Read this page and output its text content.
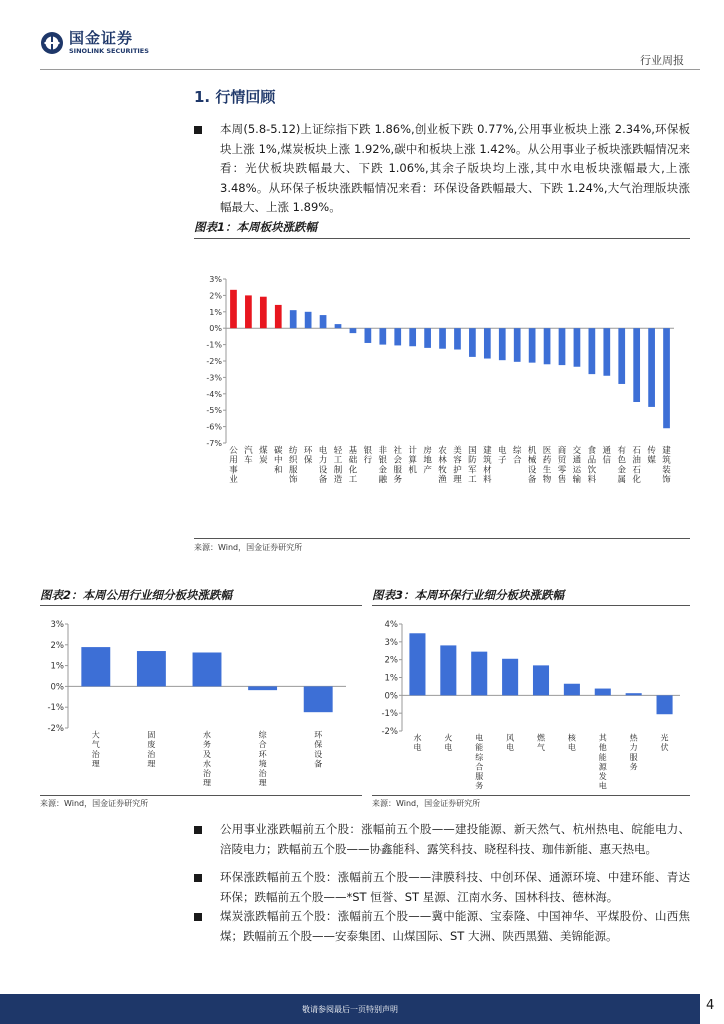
国金证券
SINOLINK SECURITIES
行业周报
1. 行情回顾

本周(5.8-5.12)上证综指下跌 1.86%,创业板下跌 0.77%,公用事业板块上涨 2.34%,环保板块上涨 1%,煤炭板块上涨 1.92%,碳中和板块上涨 1.42%。从公用事业子板块涨跌幅情况来看：光伏板块跌幅最大、下跌 1.06%,其余子版块均上涨,其中水电板块涨幅最大,上涨 3.48%。从环保子板块涨跌幅情况来看：环保设备跌幅最大、下跌 1.24%,大气治理版块涨幅最大、上涨 1.89%。

图表1：本周板块涨跌幅
3%
2%
1%
0%
-1%
-2%
-3%
-4%
-5%
-6%
-7%
公用事业
汽车
煤炭
碳中和
纺织服饰
环保
电力设备
轻工制造
基础化工
银行
非银金融
社会服务
计算机
房地产
农林牧渔
美容护理
国防军工
建筑材料
电子
综合
机械设备
医药生物
商贸零售
交通运输
食品饮料
通信
有色金属
石油石化
传媒
建筑装饰
来源：Wind，国金证券研究所
图表2：本周公用行业细分板块涨跌幅
3%
2%
1%
0%
-1%
-2%
大气治理
固废治理
水务及水治理
综合环境治理
环保设备
来源：Wind，国金证券研究所
图表3：本周环保行业细分板块涨跌幅
4%
3%
2%
1%
0%
-1%
-2%
水电
火电
电能综合服务
风电
燃气
核电
其他能源发电
热力服务
光伏
来源：Wind，国金证券研究所

公用事业涨跌幅前五个股：涨幅前五个股——建投能源、新天然气、杭州热电、皖能电力、涪陵电力；跌幅前五个股——协鑫能科、露笑科技、晓程科技、珈伟新能、惠天热电。

环保涨跌幅前五个股：涨幅前五个股——津膜科技、中创环保、通源环境、中建环能、青达环保；跌幅前五个股——*ST 恒誉、ST 星源、江南水务、国林科技、德林海。

煤炭涨跌幅前五个股：涨幅前五个股——冀中能源、宝泰隆、中国神华、平煤股份、山西焦煤；跌幅前五个股——安泰集团、山煤国际、ST 大洲、陕西黑猫、美锦能源。

敬请参阅最后一页特别声明	4
